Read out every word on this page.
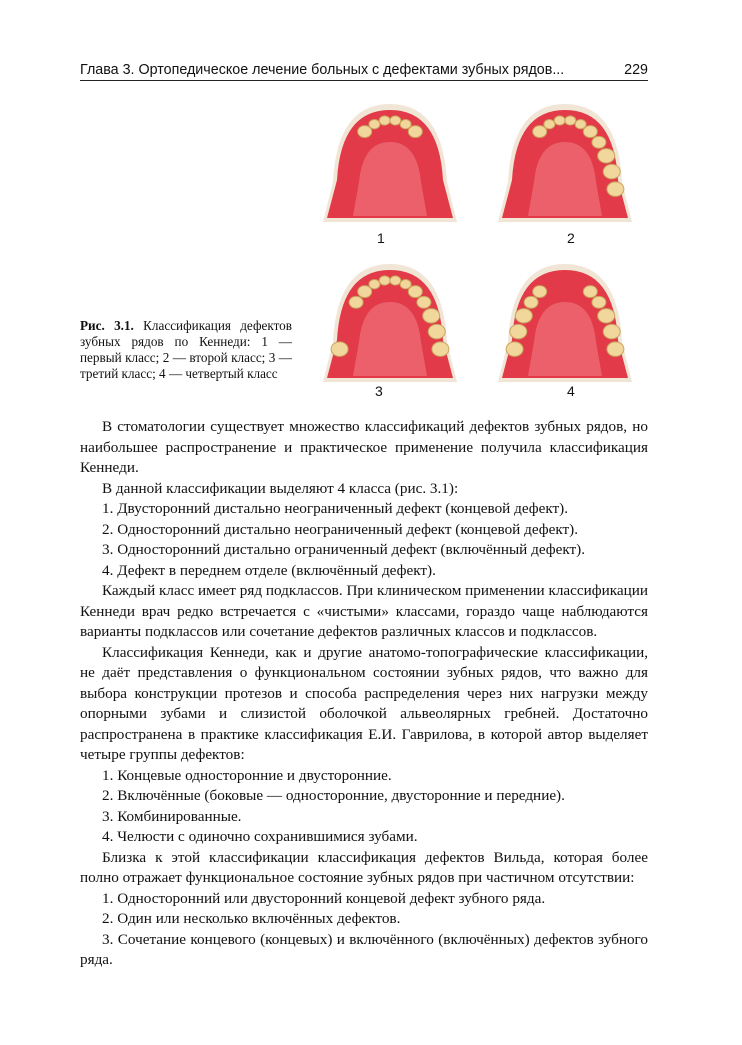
Глава 3. Ортопедическое лечение больных с дефектами зубных рядов...	229
1	2
3	4
Рис. 3.1. Классификация дефектов зубных рядов по Кеннеди: 1 — первый класс; 2 — второй класс; 3 — третий класс; 4 — четвертый класс

В стоматологии существует множество классификаций дефектов зубных рядов, но наибольшее распространение и практическое применение получила классификация Кеннеди.

В данной классификации выделяют 4 класса (рис. 3.1):

1. Двусторонний дистально неограниченный дефект (концевой дефект).

2. Односторонний дистально неограниченный дефект (концевой дефект).

3. Односторонний дистально ограниченный дефект (включённый дефект).

4. Дефект в переднем отделе (включённый дефект).

Каждый класс имеет ряд подклассов. При клиническом применении классификации Кеннеди врач редко встречается с «чистыми» классами, гораздо чаще наблюдаются варианты подклассов или сочетание дефектов различных классов и подклассов.

Классификация Кеннеди, как и другие анатомо-топографические классификации, не даёт представления о функциональном состоянии зубных рядов, что важно для выбора конструкции протезов и способа распределения через них нагрузки между опорными зубами и слизистой оболочкой альвеолярных гребней. Достаточно распространена в практике классификация Е.И. Гаврилова, в которой автор выделяет четыре группы дефектов:

1. Концевые односторонние и двусторонние.

2. Включённые (боковые — односторонние, двусторонние и передние).

3. Комбинированные.

4. Челюсти с одиночно сохранившимися зубами.

Близка к этой классификации классификация дефектов Вильда, которая более полно отражает функциональное состояние зубных рядов при частичном отсутствии:

1. Односторонний или двусторонний концевой дефект зубного ряда.

2. Один или несколько включённых дефектов.

3. Сочетание концевого (концевых) и включённого (включённых) дефектов зубного ряда.
